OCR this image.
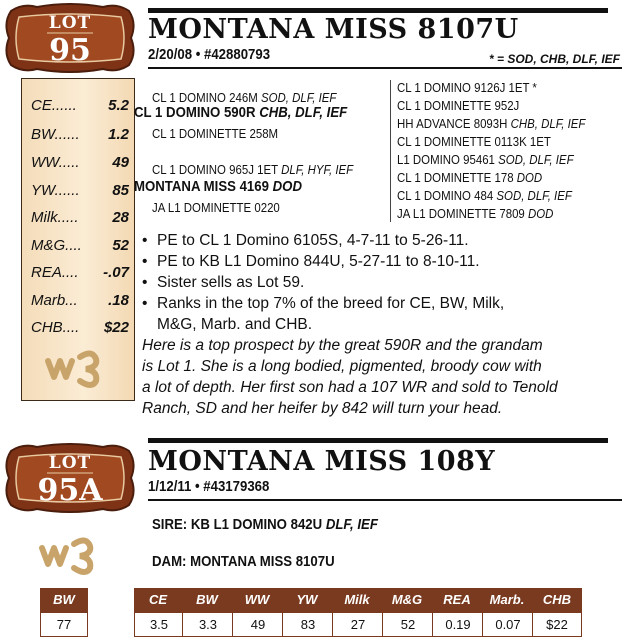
LOT
95
CE...... 5.2
BW...... 1.2
WW..... 49
YW...... 85
Milk..... 28
M&G.... 52
REA.... -.07
Marb... .18
CHB.... $22
MONTANA MISS 8107U
2/20/08 • #42880793	* = SOD, CHB, DLF, IEF
CL 1 DOMINO 246M SOD, DLF, IEF
CL 1 DOMINO 590R CHB, DLF, IEF
CL 1 DOMINETTE 258M
CL 1 DOMINO 965J 1ET DLF, HYF, IEF
MONTANA MISS 4169 DOD
JA L1 DOMINETTE 0220
CL 1 DOMINO 9126J 1ET *
CL 1 DOMINETTE 952J
HH ADVANCE 8093H CHB, DLF, IEF
CL 1 DOMINETTE 0113K 1ET
L1 DOMINO 95461 SOD, DLF, IEF
CL 1 DOMINETTE 178 DOD
CL 1 DOMINO 484 SOD, DLF, IEF
JA L1 DOMINETTE 7809 DOD
• PE to CL 1 Domino 6105S, 4-7-11 to 5-26-11.
• PE to KB L1 Domino 844U, 5-27-11 to 8-10-11.
• Sister sells as Lot 59.
• Ranks in the top 7% of the breed for CE, BW, Milk,
M&G, Marb. and CHB.
Here is a top prospect by the great 590R and the grandam
is Lot 1. She is a long bodied, pigmented, broody cow with
a lot of depth. Her first son had a 107 WR and sold to Tenold
Ranch, SD and her heifer by 842 will turn your head.
LOT
95A
MONTANA MISS 108Y
1/12/11 • #43179368
SIRE: KB L1 DOMINO 842U DLF, IEF
DAM: MONTANA MISS 8107U
BW
77
CE	BW	WW	YW	Milk	M&G	REA	Marb.	CHB
3.5	3.3	49	83	27	52	0.19	0.07	$22
